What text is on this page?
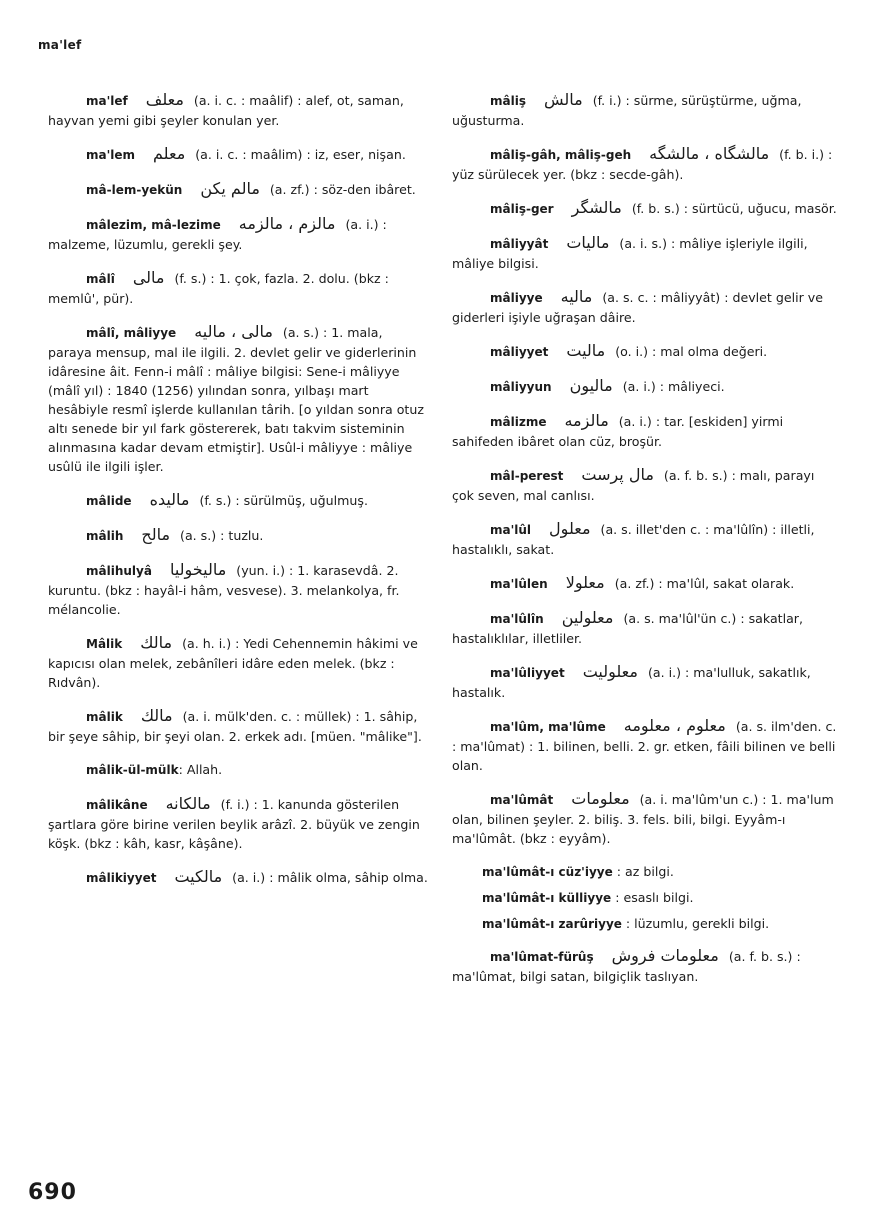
ma'lef
ma'lef معلف (a. i. c. : maâlif) : alef, ot, saman, hayvan yemi gibi şeyler konulan yer.
ma'lem معلم (a. i. c. : maâlim) : iz, eser, nişan.
mâ-lem-yekün مالم يكن (a. zf.) : söz-den ibâret.
mâlezim, mâ-lezime مالزم ، مالزمه (a. i.) : malzeme, lüzumlu, gerekli şey.
mâlî مالى (f. s.) : 1. çok, fazla. 2. dolu. (bkz : memlû', pür).
mâlî, mâliyye مالى ، ماليه (a. s.) : 1. mala, paraya mensup, mal ile ilgili. 2. devlet gelir ve giderlerinin idâresine âit. Fenn-i mâlî : mâliye bilgisi: Sene-i mâliyye (mâlî yıl) : 1840 (1256) yılından sonra, yılbaşı mart hesâbiyle resmî işlerde kullanılan târih. [o yıldan sonra otuz altı senede bir yıl fark göstererek, batı takvim sisteminin alınmasına kadar devam etmiştir]. Usûl-i mâliyye : mâliye usûlü ile ilgili işler.
mâlide ماليده (f. s.) : sürülmüş, uğulmuş.
mâlih مالح (a. s.) : tuzlu.
mâlihulyâ ماليخوليا (yun. i.) : 1. karasevdâ. 2. kuruntu. (bkz : hayâl-i hâm, vesvese). 3. melankolya, fr. mélancolie.
Mâlik مالك (a. h. i.) : Yedi Cehennemin hâkimi ve kapıcısı olan melek, zebânîleri idâre eden melek. (bkz : Rıdvân).
mâlik مالك (a. i. mülk'den. c. : müllek) : 1. sâhip, bir şeye sâhip, bir şeyi olan. 2. erkek adı. [müen. "mâlike"].
mâlik-ül-mülk: Allah.
mâlikâne مالكانه (f. i.) : 1. kanunda gösterilen şartlara göre birine verilen beylik arâzî. 2. büyük ve zengin köşk. (bkz : kâh, kasr, kâşâne).
mâlikiyyet مالكيت (a. i.) : mâlik olma, sâhip olma.
mâliş مالش (f. i.) : sürme, sürüştürme, uğma, uğusturma.
mâliş-gâh, mâliş-geh مالشگاه ، مالشگه (f. b. i.) : yüz sürülecek yer. (bkz : secde-gâh).
mâliş-ger مالشگر (f. b. s.) : sürtücü, uğucu, masör.
mâliyyât ماليات (a. i. s.) : mâliye işleriyle ilgili, mâliye bilgisi.
mâliyye ماليه (a. s. c. : mâliyyât) : devlet gelir ve giderleri işiyle uğraşan dâire.
mâliyyet ماليت (o. i.) : mal olma değeri.
mâliyyun ماليون (a. i.) : mâliyeci.
mâlizme مالزمه (a. i.) : tar. [eskiden] yirmi sahifeden ibâret olan cüz, broşür.
mâl-perest مال پرست (a. f. b. s.) : malı, parayı çok seven, mal canlısı.
ma'lûl معلول (a. s. illet'den c. : ma'lûlîn) : illetli, hastalıklı, sakat.
ma'lûlen معلولا (a. zf.) : ma'lûl, sakat olarak.
ma'lûlîn معلولين (a. s. ma'lûl'ün c.) : sakatlar, hastalıklılar, illetliler.
ma'lûliyyet معلوليت (a. i.) : ma'lulluk, sakatlık, hastalık.
ma'lûm, ma'lûme معلوم ، معلومه (a. s. ilm'den. c. : ma'lûmat) : 1. bilinen, belli. 2. gr. etken, fâili bilinen ve belli olan.
ma'lûmât معلومات (a. i. ma'lûm'un c.) : 1. ma'lum olan, bilinen şeyler. 2. biliş. 3. fels. bili, bilgi. Eyyâm-ı ma'lûmât. (bkz : eyyâm).
ma'lûmât-ı cüz'iyye : az bilgi.
ma'lûmât-ı külliyye : esaslı bilgi.
ma'lûmât-ı zarûriyye : lüzumlu, gerekli bilgi.
ma'lûmat-fürûş معلومات فروش (a. f. b. s.) : ma'lûmat, bilgi satan, bilgiçlik taslıyan.
690
